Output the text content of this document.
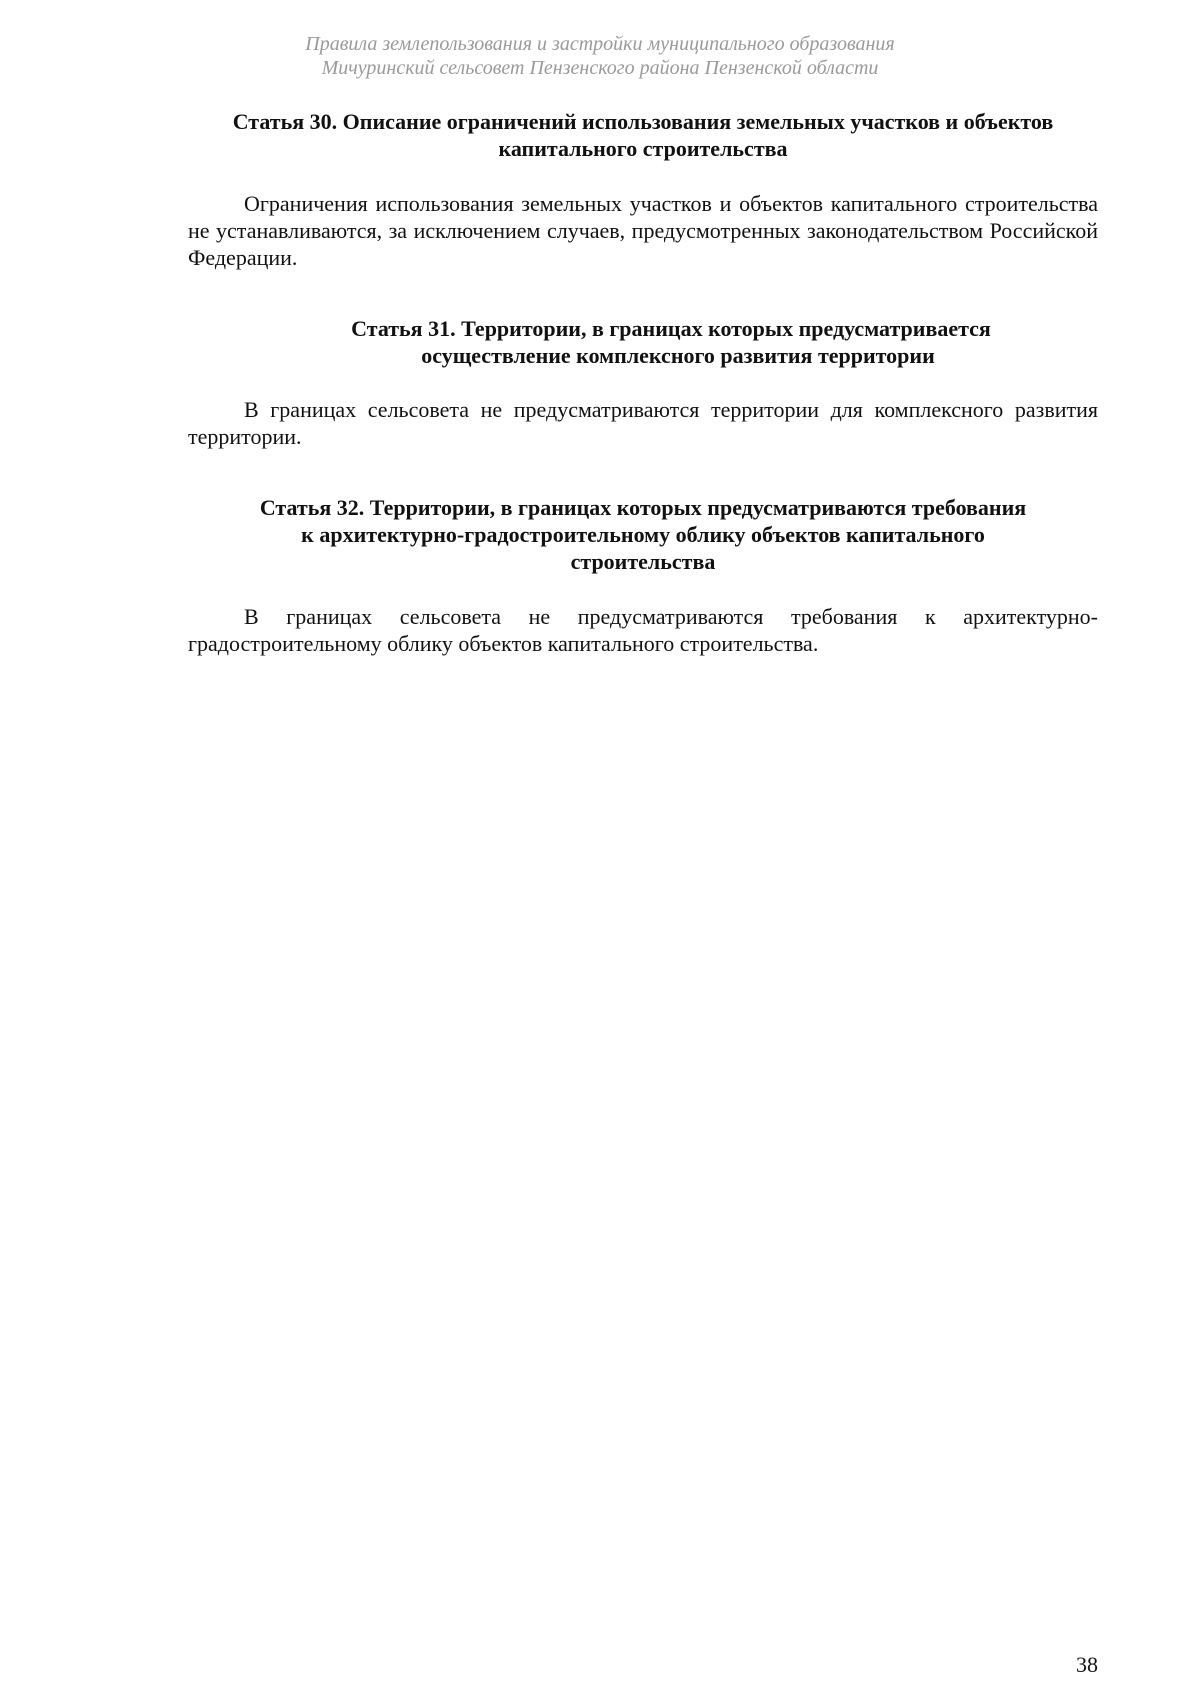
Правила землепользования и застройки муниципального образования
Мичуринский сельсовет Пензенского района Пензенской области
Статья 30. Описание ограничений использования земельных участков и объектов
капитального строительства

Ограничения использования земельных участков и объектов капитального строительства не устанавливаются, за исключением случаев, предусмотренных законодательством Российской Федерации.

Статья 31. Территории, в границах которых предусматривается
осуществление комплексного развития территории

В границах сельсовета не предусматриваются территории для комплексного развития территории.

Статья 32. Территории, в границах которых предусматриваются требования
к архитектурно-градостроительному облику объектов капитального
строительства

В границах сельсовета не предусматриваются требования к архитектурно-градостроительному облику объектов капитального строительства.

38
